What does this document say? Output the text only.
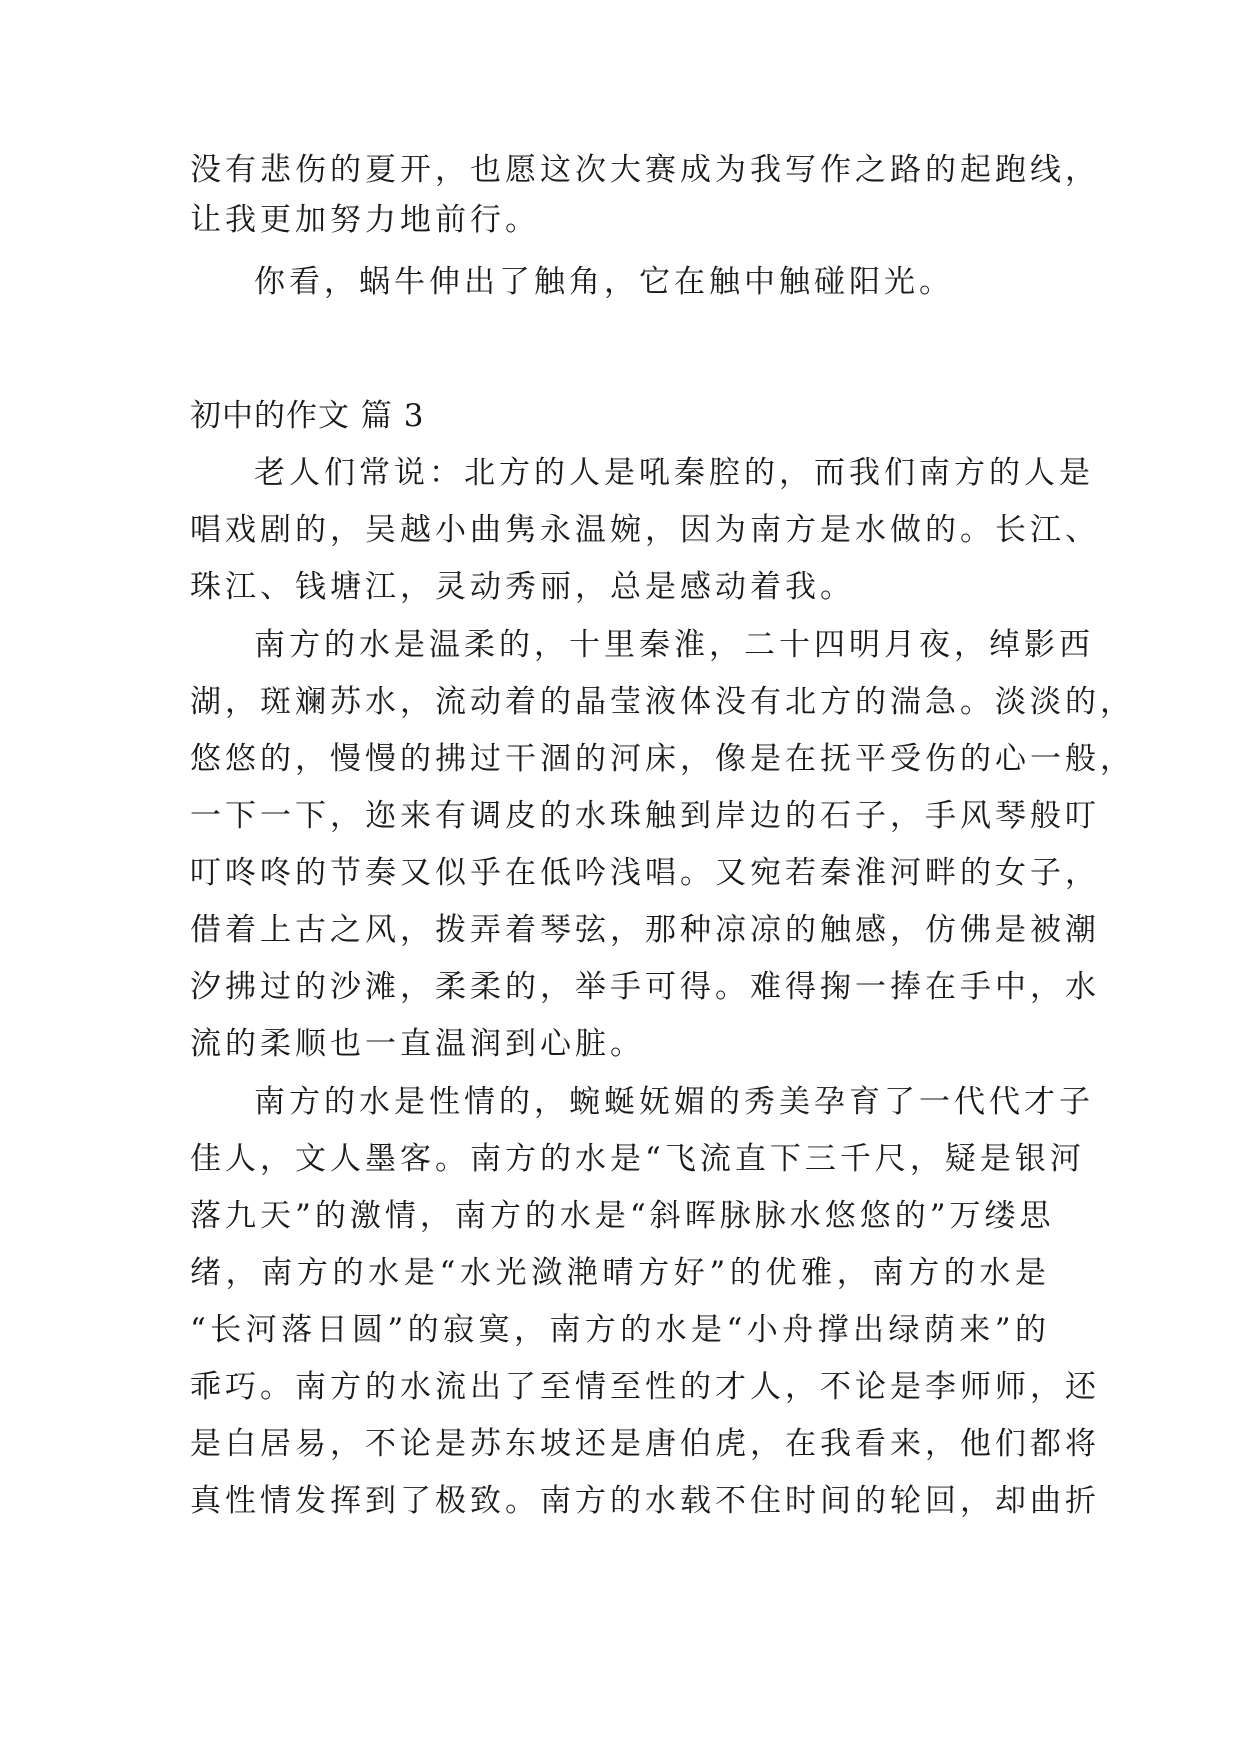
没有悲伤的夏开，也愿这次大赛成为我写作之路的起跑线，
让我更加努力地前行。
你看，蜗牛伸出了触角，它在触中触碰阳光。
初中的作文 篇 3
老人们常说：北方的人是吼秦腔的，而我们南方的人是
唱戏剧的，吴越小曲隽永温婉，因为南方是水做的。长江、
珠江、钱塘江，灵动秀丽，总是感动着我。
南方的水是温柔的，十里秦淮，二十四明月夜，绰影西
湖，斑斓苏水，流动着的晶莹液体没有北方的湍急。淡淡的，
悠悠的，慢慢的拂过干涸的河床，像是在抚平受伤的心一般，
一下一下，迩来有调皮的水珠触到岸边的石子，手风琴般叮
叮咚咚的节奏又似乎在低吟浅唱。又宛若秦淮河畔的女子，
借着上古之风，拨弄着琴弦，那种凉凉的触感，仿佛是被潮
汐拂过的沙滩，柔柔的，举手可得。难得掬一捧在手中，水
流的柔顺也一直温润到心脏。
南方的水是性情的，蜿蜒妩媚的秀美孕育了一代代才子
佳人，文人墨客。南方的水是“飞流直下三千尺，疑是银河
落九天”的激情，南方的水是“斜晖脉脉水悠悠的”万缕思
绪，南方的水是“水光潋滟晴方好”的优雅，南方的水是
“长河落日圆”的寂寞，南方的水是“小舟撑出绿荫来”的
乖巧。南方的水流出了至情至性的才人，不论是李师师，还
是白居易，不论是苏东坡还是唐伯虎，在我看来，他们都将
真性情发挥到了极致。南方的水载不住时间的轮回，却曲折
